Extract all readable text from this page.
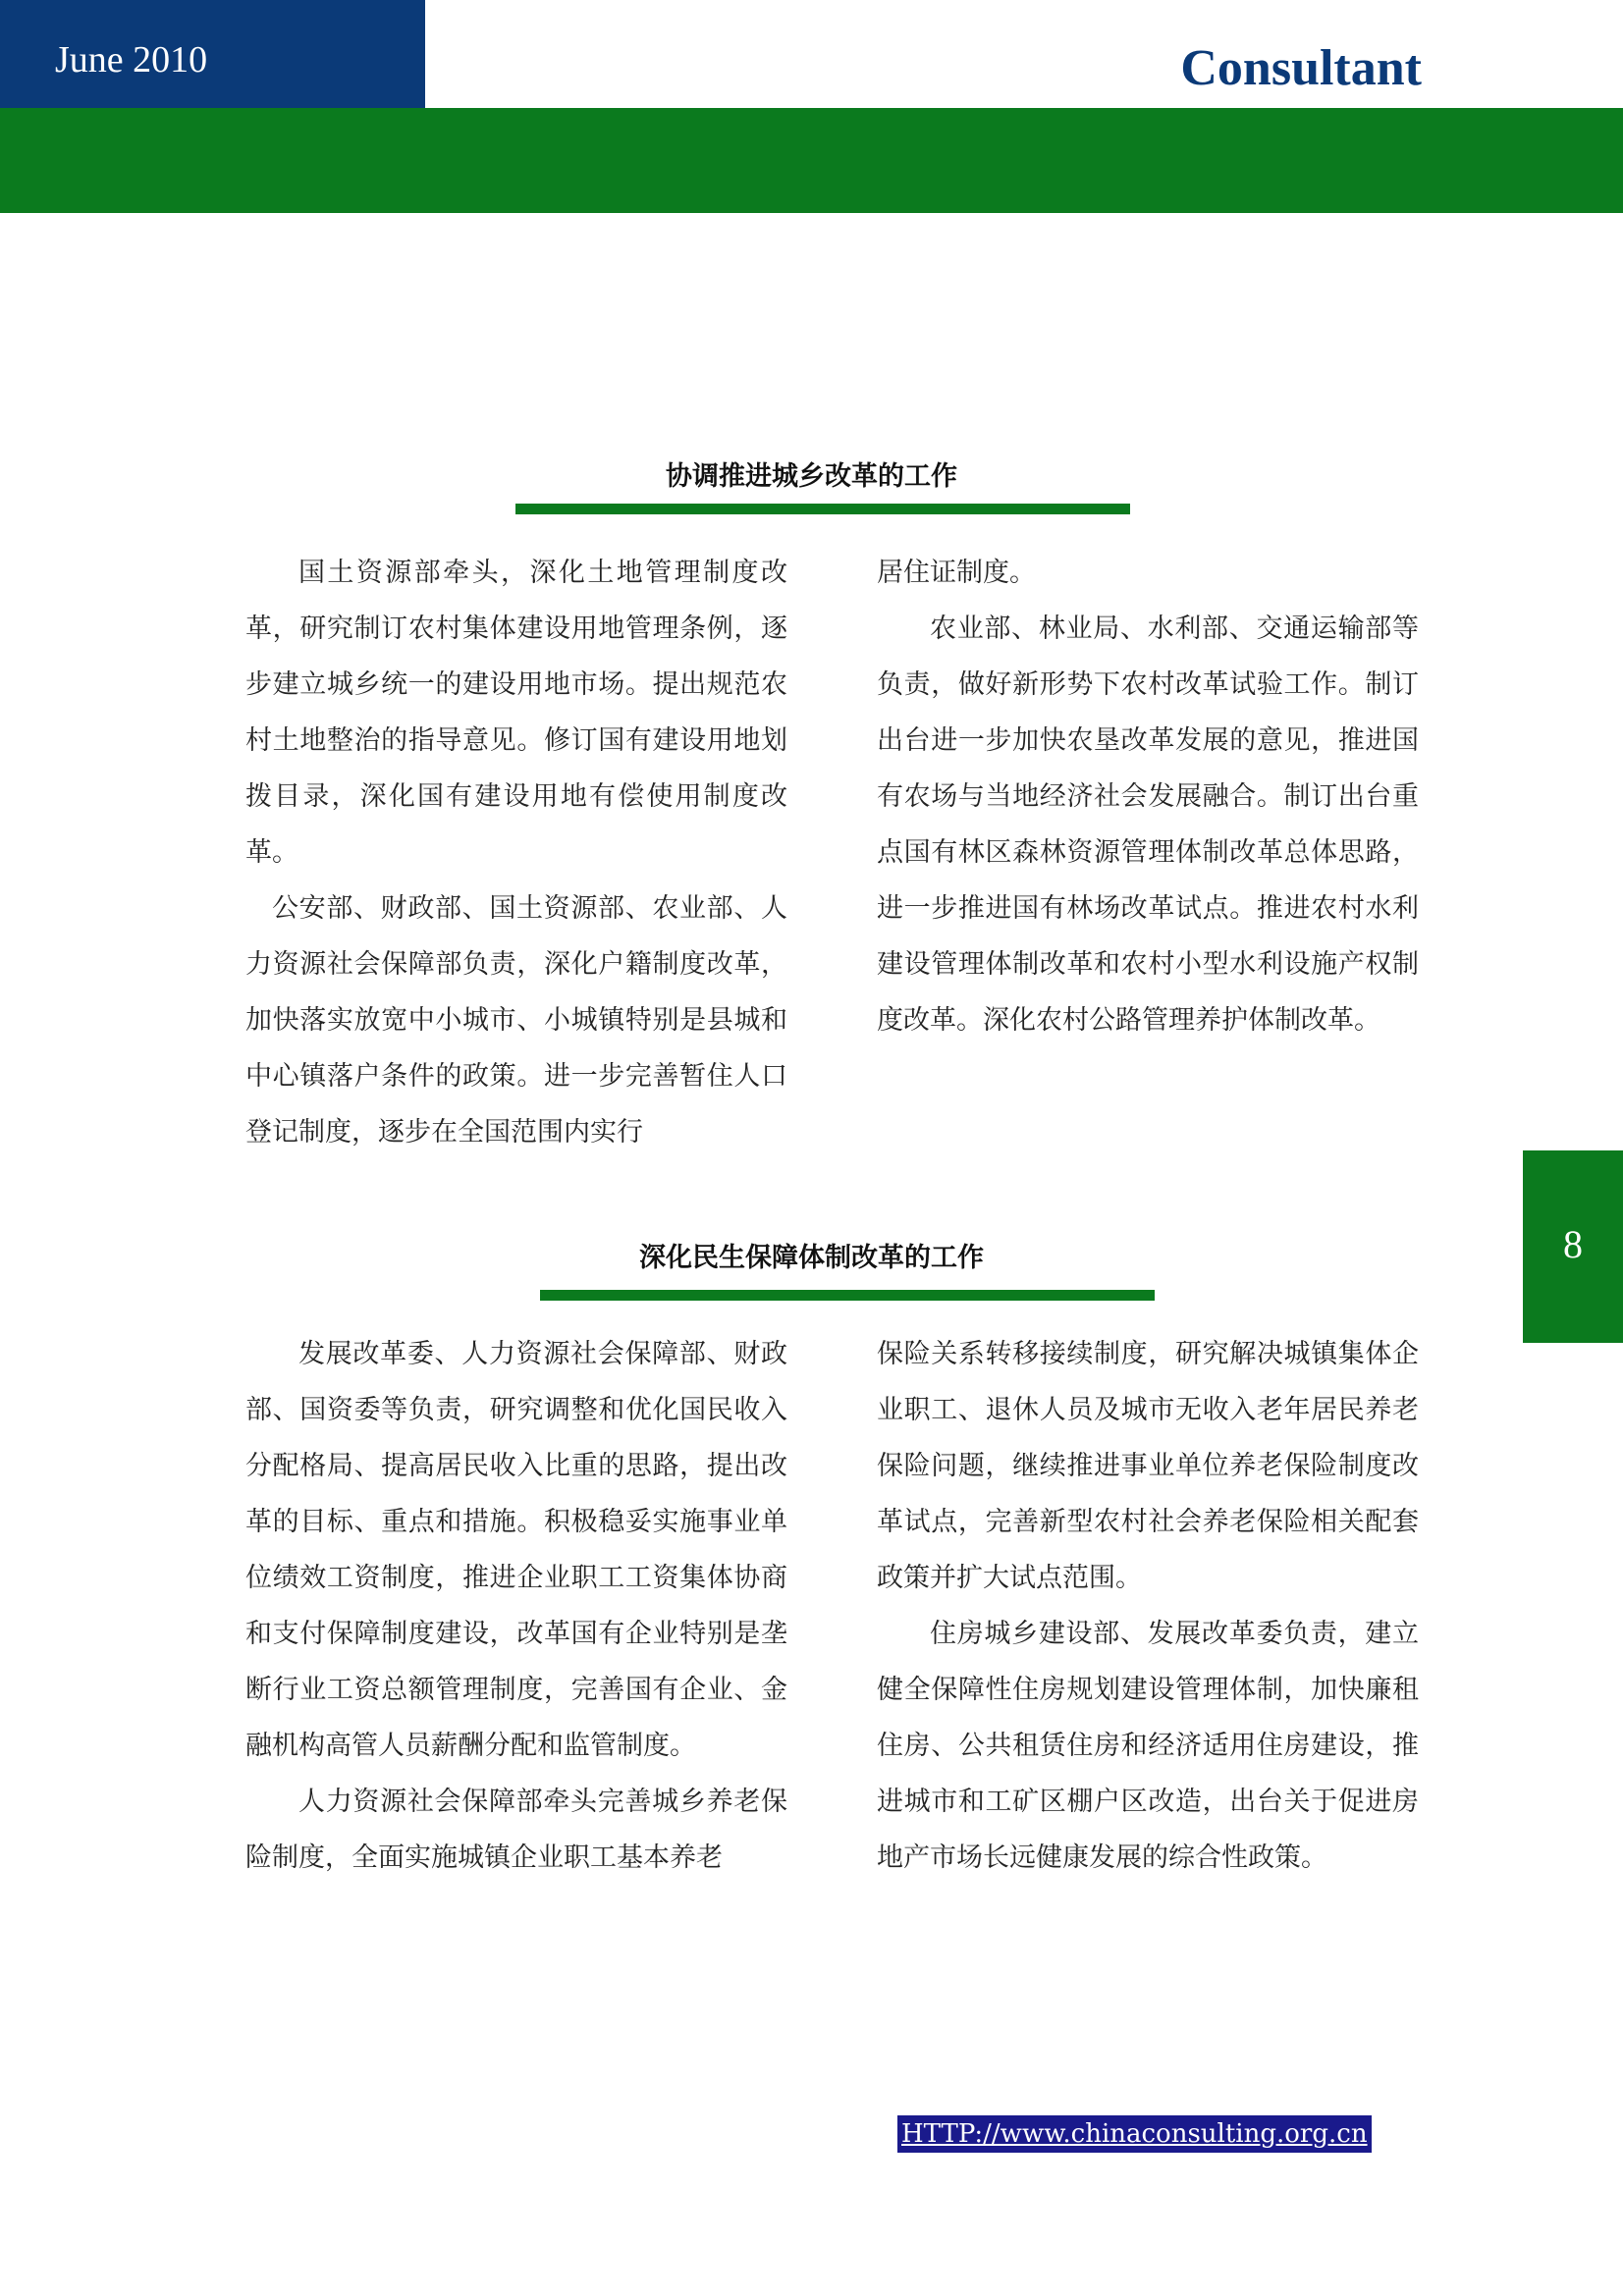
June 2010	Consultant
协调推进城乡改革的工作

国土资源部牵头，深化土地管理制度改革，研究制订农村集体建设用地管理条例，逐步建立城乡统一的建设用地市场。提出规范农村土地整治的指导意见。修订国有建设用地划拨目录，深化国有建设用地有偿使用制度改革。

公安部、财政部、国土资源部、农业部、人力资源社会保障部负责，深化户籍制度改革，加快落实放宽中小城市、小城镇特别是县城和中心镇落户条件的政策。进一步完善暂住人口登记制度，逐步在全国范围内实行

居住证制度。

农业部、林业局、水利部、交通运输部等负责，做好新形势下农村改革试验工作。制订出台进一步加快农垦改革发展的意见，推进国有农场与当地经济社会发展融合。制订出台重点国有林区森林资源管理体制改革总体思路，进一步推进国有林场改革试点。推进农村水利建设管理体制改革和农村小型水利设施产权制度改革。深化农村公路管理养护体制改革。

深化民生保障体制改革的工作

发展改革委、人力资源社会保障部、财政部、国资委等负责，研究调整和优化国民收入分配格局、提高居民收入比重的思路，提出改革的目标、重点和措施。积极稳妥实施事业单位绩效工资制度，推进企业职工工资集体协商和支付保障制度建设，改革国有企业特别是垄断行业工资总额管理制度，完善国有企业、金融机构高管人员薪酬分配和监管制度。

人力资源社会保障部牵头完善城乡养老保险制度，全面实施城镇企业职工基本养老

保险关系转移接续制度，研究解决城镇集体企业职工、退休人员及城市无收入老年居民养老保险问题，继续推进事业单位养老保险制度改革试点，完善新型农村社会养老保险相关配套政策并扩大试点范围。

住房城乡建设部、发展改革委负责，建立健全保障性住房规划建设管理体制，加快廉租住房、公共租赁住房和经济适用住房建设，推进城市和工矿区棚户区改造，出台关于促进房地产市场长远健康发展的综合性政策。

8
HTTP://www.chinaconsulting.org.cn
